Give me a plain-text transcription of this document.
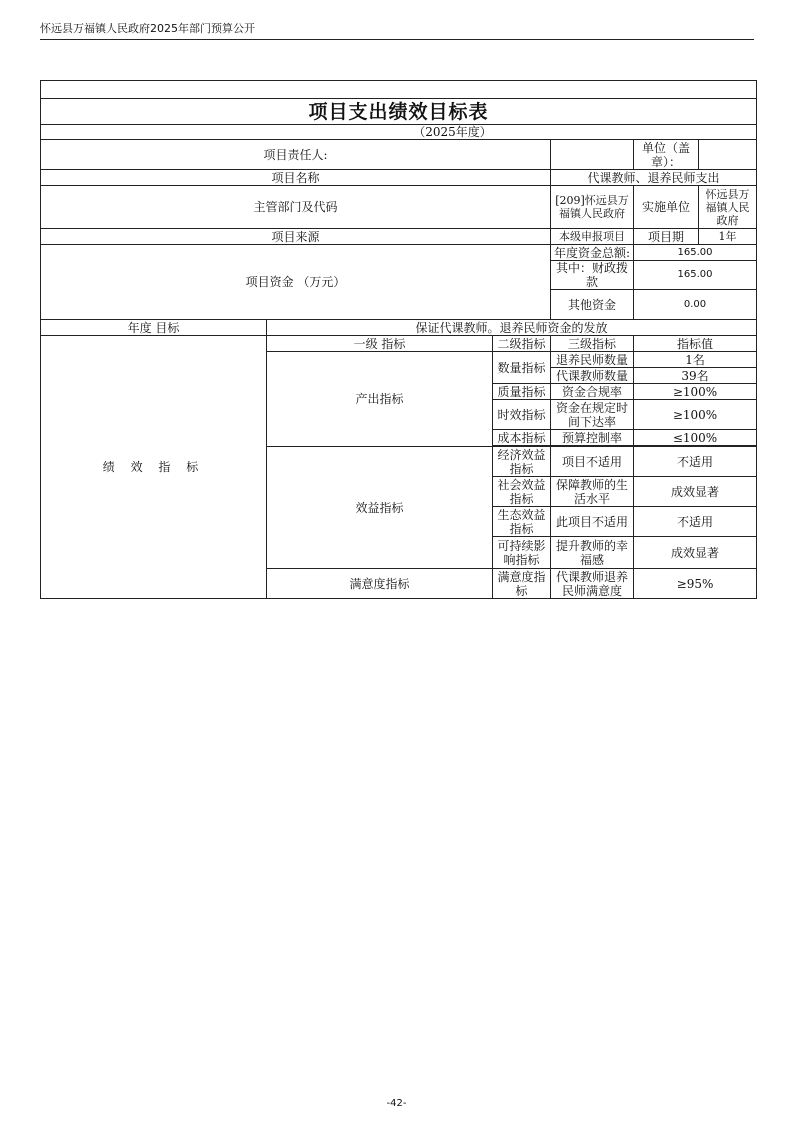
怀远县万福镇人民政府2025年部门预算公开

项目支出绩效目标表					
（2025年度）					
项目责任人:				单位（盖章）：	
项目名称			代课教师、退养民师支出		
主管部门及代码			[209]怀远县万福镇人民政府	实施单位	怀远县万福镇人民政府
项目来源			本级申报项目	项目期	1年
项目资金 （万元）			年度资金总额:	165.00	
			其中：财政拨款	165.00	
			其他资金	0.00	
年度 目标	保证代课教师。退养民师资金的发放				
绩 效 指 标	一级 指标	二级指标	三级指标	指标值	
	产出指标	数量指标	退养民师数量	1名	
			代课教师数量	39名	
		质量指标	资金合规率	≥100%	
		时效指标	资金在规定时间下达率	≥100%	
		成本指标	预算控制率	≤100%	

	效益指标	经济效益指标	项目不适用	不适用	
		社会效益指标	保障教师的生活水平	成效显著	
		生态效益指标	此项目不适用	不适用	
		可持续影响指标	提升教师的幸福感	成效显著	
	满意度指标	满意度指标	代课教师退养民师满意度	≥95%	
-42-
